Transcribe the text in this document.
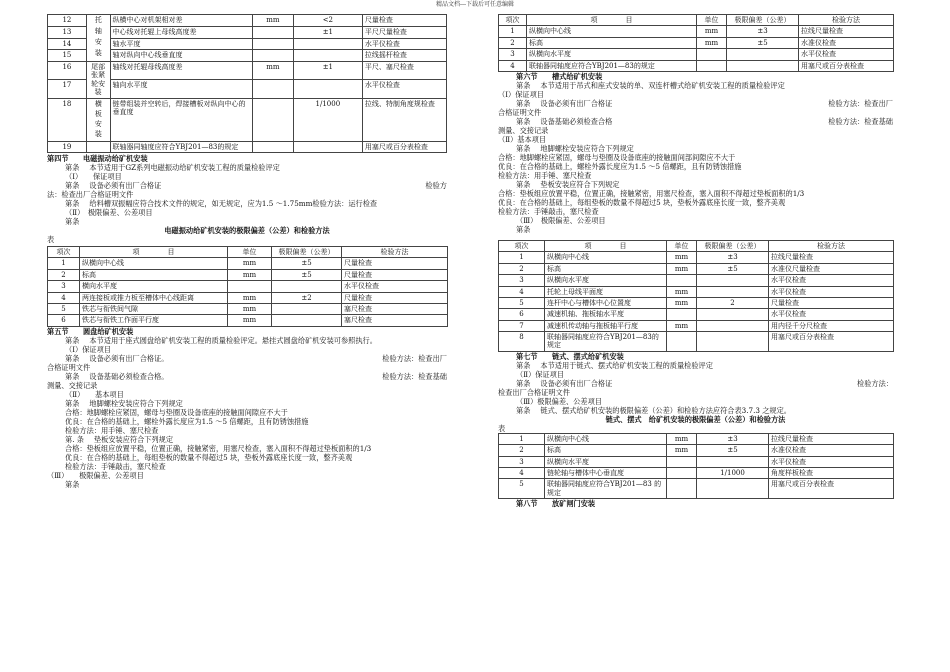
精品文档---下载后可任意编辑
12	托轴安装	纵横中心对机架相对差	mm	<2	尺量检查
13		中心线对托辊上母线高度差		±1	平尺尺量检查
14		轴水平度			水平仪检查
15		轴对纵向中心线垂直度			拉线摇杆检查
16	尾部张紧轮安装	轴线对托辊母线高度差	mm	±1	平尺、塞尺检查
17		轴向水平度			水平仪检查
18	横板安装	链带组装并空转后，焊接槽板对纵向中心的垂直度		1/1000	拉线、特制角度规检查
19		联轴器同轴度应符合YBJ201—83的规定			用塞尺或百分表检查

第四节　　电磁振动给矿机安装

第条 本节适用于GZ系列电磁振动给矿机安装工程的质量检验评定

（Ⅰ）　　保证项目

第条 设备必须有出厂合格证	检验方

法：检查出厂合格证明文件

第条 给料槽双振幅应符合技术文件的规定，如无规定，应为1.5 ～1.75mm检验方法：运行检查

（Ⅱ）　极限偏差、公差项目

第条

电磁振动给矿机安装的极限偏差（公差）和检验方法

表

项次	项　　　　目	单位	极限偏差（公差）	检验方法
1	纵横向中心线	mm	±5	尺量检查
2	标高	mm	±5	尺量检查
3	横向水平度			水平仪检查
4	两连接板或推力板至槽体中心线距离	mm	±2	尺量检查
5	铁芯与衔铁间气隙	mm		塞尺检查
6	铁芯与衔铁工作面平行度	mm		塞尺检查

第五节　　圆盘给矿机安装

第条 本节适用于座式圆盘给矿机安装工程的质量检验评定。悬挂式圆盘给矿机安装可参照执行。

（Ⅰ）保证项目

第条 设备必须有出厂合格证。	检验方法：检查出厂

合格证明文件

第条 设备基础必须检查合格。	检验方法：检查基础

测量、交接记录

（Ⅱ）　　基本项目

第条 地脚螺栓安装应符合下列规定

合格：地脚螺栓应紧固，螺母与垫圈及设备底座的接触面间隙应不大于

优良：在合格的基础上，螺栓外露长度应为1.5 ～5 倍螺距，且有防锈蚀措施

检验方法：用手锤、塞尺检查

第. 条 垫板安装应符合下列规定

合格：垫板组应放置平稳，位置正确，接触紧密，用塞尺检查，塞入面积不得超过垫板面积的1/3

优良：在合格的基础上，每组垫板的数量不得超过5 块，垫板外露底座长度一致，整齐美观

检验方法：手锤敲击，塞尺检查

（Ⅲ）　　极限偏差、公差项目

第条

项次	项　　　　目	单位	极限偏差（公差）	检验方法
1	纵横向中心线	mm	±3	拉线尺量检查
2	标高	mm	±5	水准仪检查
3	纵横向水平度			水平仪检查
4	联轴器同轴度应符合YBJ201—83的规定			用塞尺或百分表检查

第六节　　槽式给矿机安装

第条 本节适用于吊式和座式安装的单、双连杆槽式给矿机安装工程的质量检验评定

（Ⅰ）保证项目

第条 设备必须有出厂合格证	检验方法：检查出厂

合格证明文件

第条 设备基础必须检查合格	检验方法：检查基础

测量、交接记录

（Ⅱ）基本项目

第条 地脚螺栓安装应符合下列规定

合格：地脚螺栓应紧固，螺母与垫圈及设备底座的接触面间部间隙应不大于

优良：在合格的基础上，螺栓外露长度应为1.5 ～5 倍螺距，且有防锈蚀措施

检验方法：用手锤、塞尺检查

第条 垫板安装应符合下列规定

合格：垫板组应放置平稳，位置正确，接触紧密，用塞尺检查，塞入面积不得超过垫板面积的1/3

优良：在合格的基础上，每组垫板的数量不得超过5 块，垫板外露底座长度一致，整齐美观

检验方法：手锤敲击，塞尺检查

（Ⅲ）　极限偏差、公差项目

第条

项次	项　　　　目	单位	极限偏差（公差）	检验方法
1	纵横向中心线	mm	±3	拉线尺量检查
2	标高	mm	±5	水准仪尺量检查
3	纵横向水平度			水平仪检查
4	托轮上母线平面度	mm		水平仪检查
5	连杆中心与槽体中心位置度	mm	2	尺量检查
6	减速机轴、拖板轴水平度			水平仪检查
7	减速机传动轴与拖板轴平行度	mm		用内径千分尺检查
8	联轴器同轴度应符合YBJ201—83的规定			用塞尺或百分表检查

第七节　　链式、摆式给矿机安装

第条 本节适用于链式、摆式给矿机安装工程的质量检验评定

（Ⅱ）保证项目

第条 设备必须有出厂合格证	检验方法：

检查出厂合格证明文件

（Ⅲ）极限偏差、公差项目

第条 链式、摆式给矿机安装的极限偏差（公差）和检验方法应符合表3.7.3 之规定。

链式、摆式　给矿机安装的极限偏差（公差）和检验方法

表

1	纵横向中心线	mm	±3	拉线尺量检查
2	标高	mm	±5	水准仪检查
3	纵横向水平度			水平仪检查
4	链轮轴与槽体中心垂直度		1/1000	角度样板检查
5	联轴器同轴度应符合YBJ201—83 的规定			用塞尺或百分表检查

第八节　　放矿闸门安装
